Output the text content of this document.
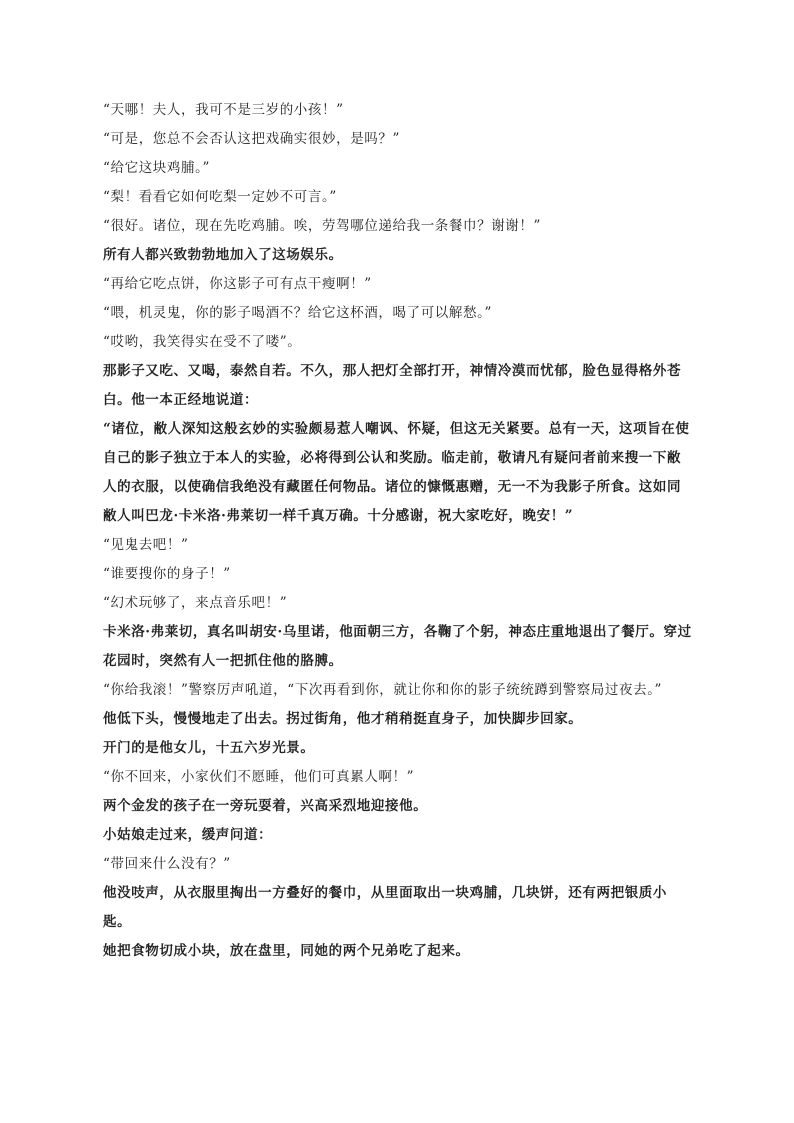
“天哪！夫人，我可不是三岁的小孩！”

“可是，您总不会否认这把戏确实很妙，是吗？”

“给它这块鸡脯。”

“梨！看看它如何吃梨一定妙不可言。”

“很好。诸位，现在先吃鸡脯。唉，劳驾哪位递给我一条餐巾？谢谢！”

所有人都兴致勃勃地加入了这场娱乐。

“再给它吃点饼，你这影子可有点干瘦啊！”

“喂，机灵鬼，你的影子喝酒不？给它这杯酒，喝了可以解愁。”

“哎哟，我笑得实在受不了喽”。

那影子又吃、又喝，泰然自若。不久，那人把灯全部打开，神情冷漠而忧郁，脸色显得格外苍白。他一本正经地说道：

“诸位，敝人深知这般玄妙的实验颇易惹人嘲讽、怀疑，但这无关紧要。总有一天，这项旨在使自己的影子独立于本人的实验，必将得到公认和奖励。临走前，敬请凡有疑问者前来搜一下敝人的衣服，以使确信我绝没有藏匿任何物品。诸位的慷慨惠赠，无一不为我影子所食。这如同敝人叫巴龙·卡米洛·弗莱切一样千真万确。十分感谢，祝大家吃好，晚安！”

“见鬼去吧！”

“谁要搜你的身子！”

“幻术玩够了，来点音乐吧！”

卡米洛·弗莱切，真名叫胡安·乌里诺，他面朝三方，各鞠了个躬，神态庄重地退出了餐厅。穿过花园时，突然有人一把抓住他的胳膊。

“你给我滚！”警察厉声吼道，“下次再看到你，就让你和你的影子统统蹲到警察局过夜去。”

他低下头，慢慢地走了出去。拐过街角，他才稍稍挺直身子，加快脚步回家。

开门的是他女儿，十五六岁光景。

“你不回来，小家伙们不愿睡，他们可真累人啊！”

两个金发的孩子在一旁玩耍着，兴高采烈地迎接他。

小姑娘走过来，缓声问道：

“带回来什么没有？”

他没吱声，从衣服里掏出一方叠好的餐巾，从里面取出一块鸡脯，几块饼，还有两把银质小匙。

她把食物切成小块，放在盘里，同她的两个兄弟吃了起来。
